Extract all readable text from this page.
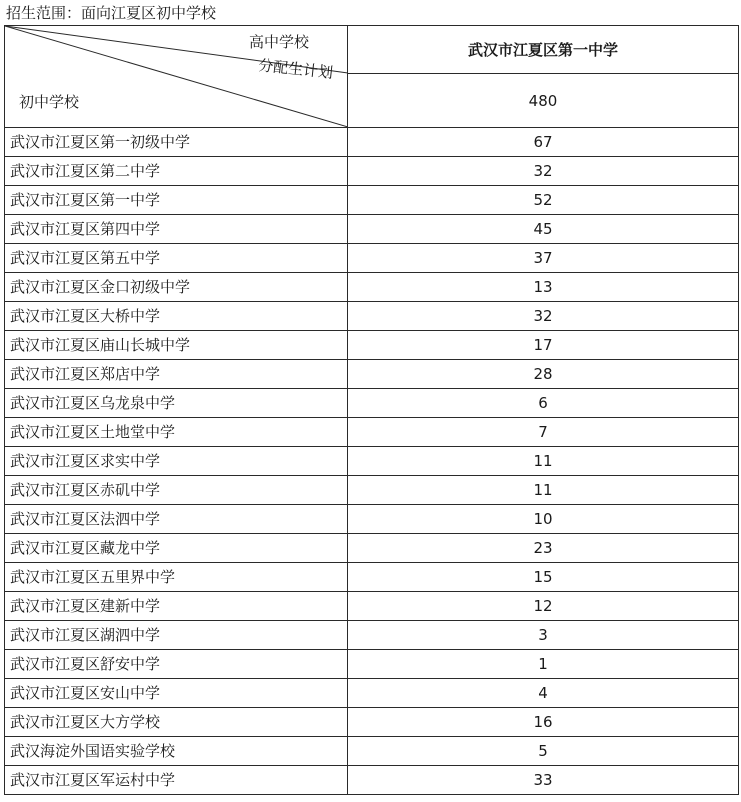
招生范围：面向江夏区初中学校
高中学校
分配生计划
初中学校	武汉市江夏区第一中学
	480
武汉市江夏区第一初级中学	67
武汉市江夏区第二中学	32
武汉市江夏区第一中学	52
武汉市江夏区第四中学	45
武汉市江夏区第五中学	37
武汉市江夏区金口初级中学	13
武汉市江夏区大桥中学	32
武汉市江夏区庙山长城中学	17
武汉市江夏区郑店中学	28
武汉市江夏区乌龙泉中学	6
武汉市江夏区土地堂中学	7
武汉市江夏区求实中学	11
武汉市江夏区赤矶中学	11
武汉市江夏区法泗中学	10
武汉市江夏区藏龙中学	23
武汉市江夏区五里界中学	15
武汉市江夏区建新中学	12
武汉市江夏区湖泗中学	3
武汉市江夏区舒安中学	1
武汉市江夏区安山中学	4
武汉市江夏区大方学校	16
武汉海淀外国语实验学校	5
武汉市江夏区军运村中学	33
